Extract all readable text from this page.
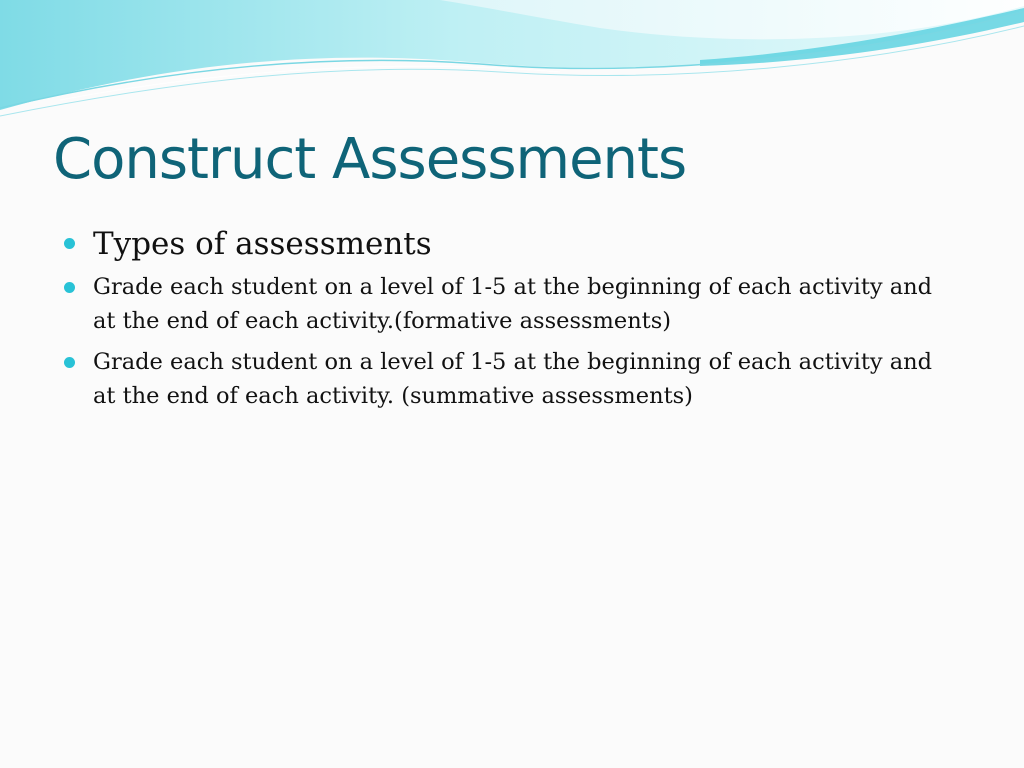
Construct Assessments
Types of assessments
Grade each student on a level of 1-5 at the beginning of each activity and at the end of each activity.(formative assessments)
Grade each student on a level of 1-5 at the beginning of each activity and at the end of each activity. (summative assessments)
